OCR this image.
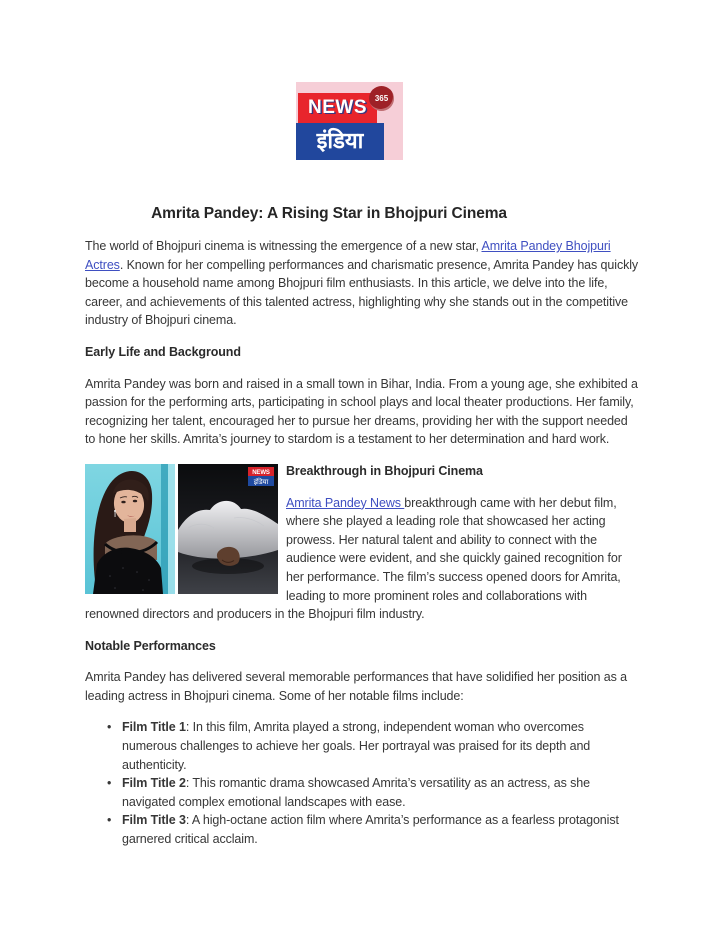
NEWS 365
इंडिया
Amrita Pandey: A Rising Star in Bhojpuri Cinema

The world of Bhojpuri cinema is witnessing the emergence of a new star, Amrita Pandey Bhojpuri Actres. Known for her compelling performances and charismatic presence, Amrita Pandey has quickly become a household name among Bhojpuri film enthusiasts. In this article, we delve into the life, career, and achievements of this talented actress, highlighting why she stands out in the competitive industry of Bhojpuri cinema.

Early Life and Background

Amrita Pandey was born and raised in a small town in Bihar, India. From a young age, she exhibited a passion for the performing arts, participating in school plays and local theater productions. Her family, recognizing her talent, encouraged her to pursue her dreams, providing her with the support needed to hone her skills. Amrita’s journey to stardom is a testament to her determination and hard work.

NEWS
इंडिया
Breakthrough in Bhojpuri Cinema

Amrita Pandey News breakthrough came with her debut film, where she played a leading role that showcased her acting prowess. Her natural talent and ability to connect with the audience were evident, and she quickly gained recognition for her performance. The film’s success opened doors for Amrita, leading to more prominent roles and collaborations with renowned directors and producers in the Bhojpuri film industry.

Notable Performances

Amrita Pandey has delivered several memorable performances that have solidified her position as a leading actress in Bhojpuri cinema. Some of her notable films include:

• Film Title 1: In this film, Amrita played a strong, independent woman who overcomes numerous challenges to achieve her goals. Her portrayal was praised for its depth and authenticity.
• Film Title 2: This romantic drama showcased Amrita’s versatility as an actress, as she navigated complex emotional landscapes with ease.
• Film Title 3: A high-octane action film where Amrita’s performance as a fearless protagonist garnered critical acclaim.
